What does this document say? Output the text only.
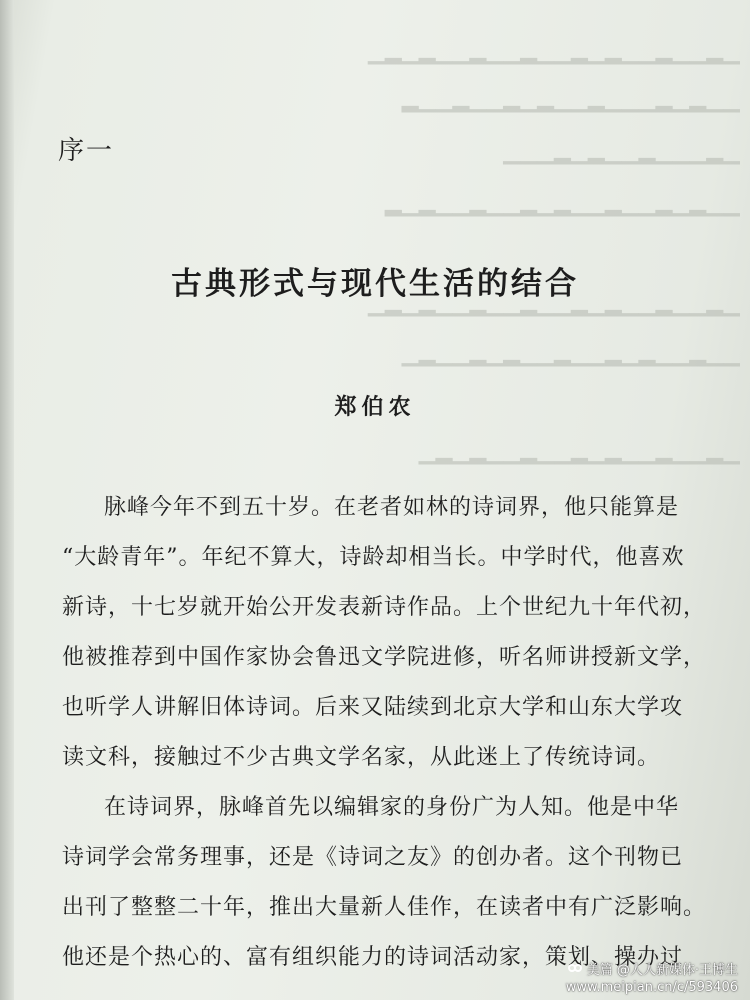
▁▂▁▁▂▁▁▂▁▂▁▁▂▁▁▂▁▁▂▁▂▁
▁▁▂▁▂▁▁▁▂▁▁▂▁▂▁▁▂▁▁▂
▁▂▁▁▁▂▁▁▂▁▂▁▁▁
▁▁▂▁▂▁▁▂▁▁▂▁▂▁▁▂▁▁▂▁▂
▁▂▁▁▂▁▁▂▁▂▁▁▂▁▁▂▁▁▂▁▂▁
▁▁▂▁▁▂▁▂▁▁▂▁▁▂▁▂▁▁▂▁
▁▂▁▁▂▁▁▂▁▂▁▁▂▁▁▂▁▂▁
序一
古典形式与现代生活的结合
郑伯农
脉峰今年不到五十岁。在老者如林的诗词界，他只能算是
“大龄青年”。年纪不算大，诗龄却相当长。中学时代，他喜欢
新诗，十七岁就开始公开发表新诗作品。上个世纪九十年代初，
他被推荐到中国作家协会鲁迅文学院进修，听名师讲授新文学，
也听学人讲解旧体诗词。后来又陆续到北京大学和山东大学攻
读文科，接触过不少古典文学名家，从此迷上了传统诗词。
在诗词界，脉峰首先以编辑家的身份广为人知。他是中华
诗词学会常务理事，还是《诗词之友》的创办者。这个刊物已
出刊了整整二十年，推出大量新人佳作，在读者中有广泛影响。
他还是个热心的、富有组织能力的诗词活动家，策划、操办过
美篇 @人人新媒体·王博生
www.meipian.cn/c/593406
